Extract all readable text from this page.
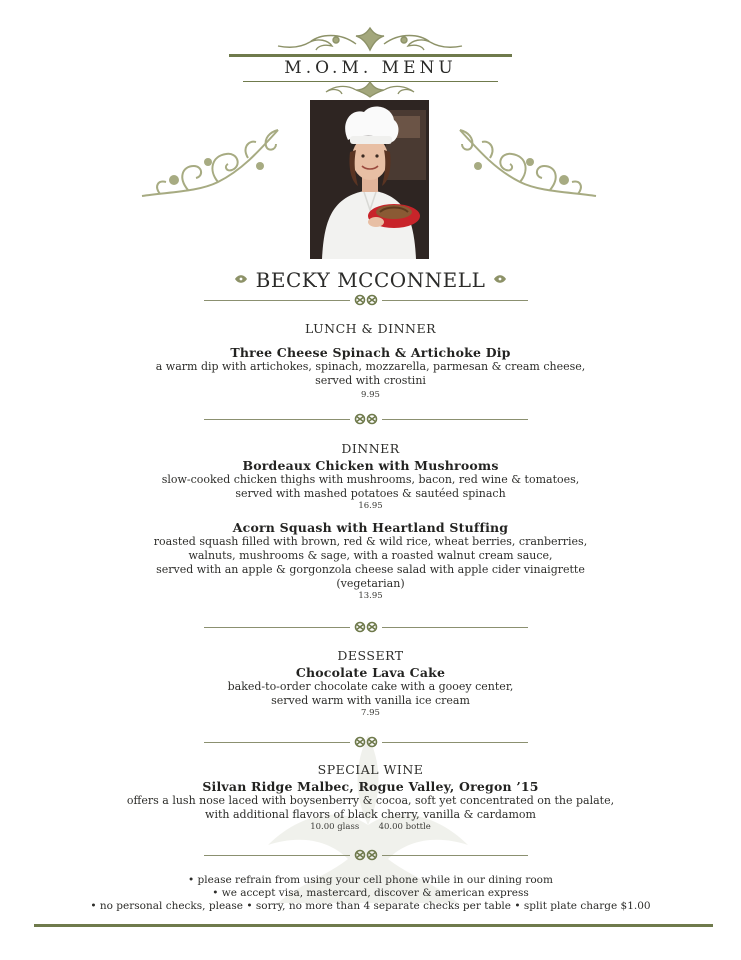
M.O.M. MENU
BECKY MCCONNELL
LUNCH & DINNER
Three Cheese Spinach & Artichoke Dip
a warm dip with artichokes, spinach, mozzarella, parmesan & cream cheese,
served with crostini
9.95
DINNER
Bordeaux Chicken with Mushrooms
slow-cooked chicken thighs with mushrooms, bacon, red wine & tomatoes,
served with mashed potatoes & sautéed spinach
16.95
Acorn Squash with Heartland Stuffing
roasted squash filled with brown, red & wild rice, wheat berries, cranberries,
walnuts, mushrooms & sage, with a roasted walnut cream sauce,
served with an apple & gorgonzola cheese salad with apple cider vinaigrette
(vegetarian)
13.95
DESSERT
Chocolate Lava Cake
baked-to-order chocolate cake with a gooey center,
served warm with vanilla ice cream
7.95
SPECIAL WINE
Silvan Ridge Malbec, Rogue Valley, Oregon ’15
offers a lush nose laced with boysenberry & cocoa, soft yet concentrated on the palate,
with additional flavors of black cherry, vanilla & cardamom
10.00 glass 40.00 bottle
• please refrain from using your cell phone while in our dining room
• we accept visa, mastercard, discover & american express
• no personal checks, please • sorry, no more than 4 separate checks per table • split plate charge $1.00
